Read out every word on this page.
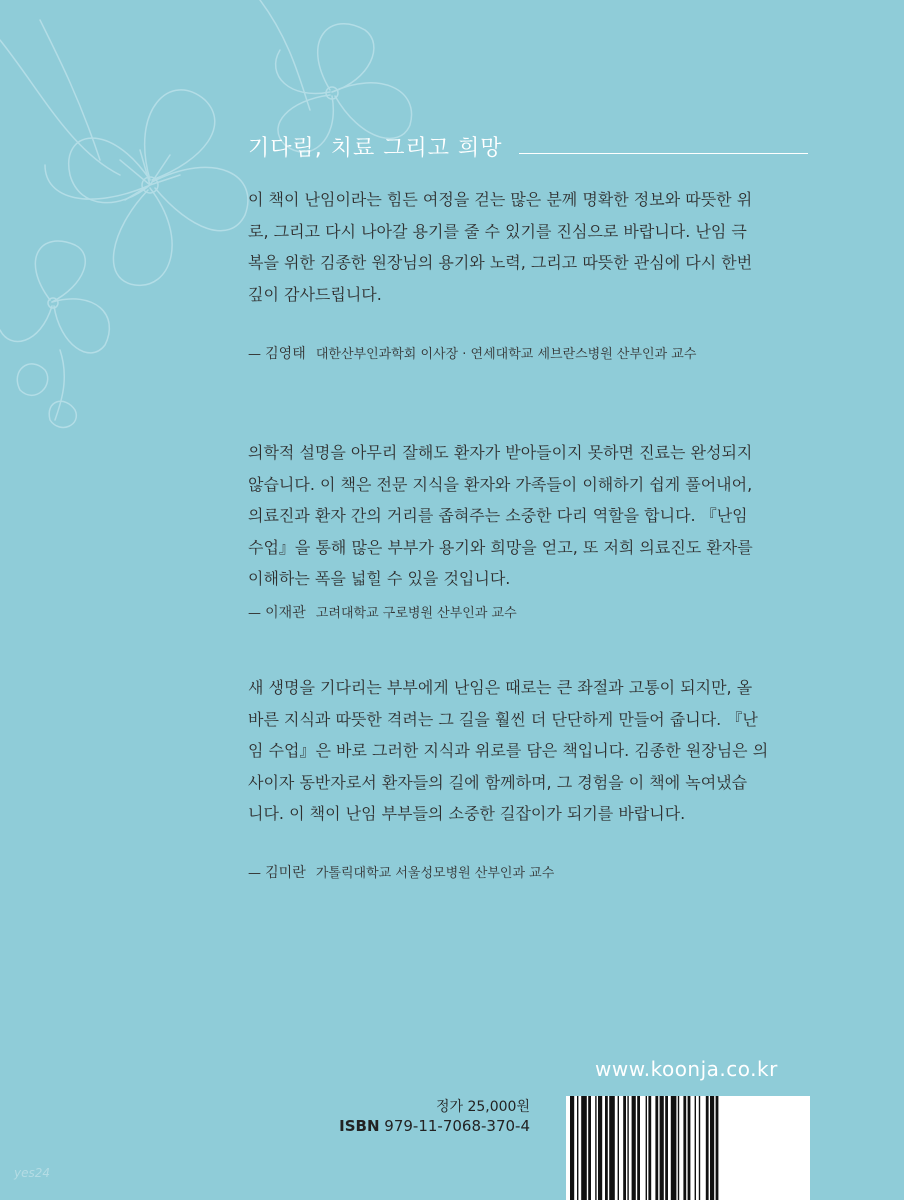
기다림, 치료 그리고 희망

이 책이 난임이라는 힘든 여정을 걷는 많은 분께 명확한 정보와 따뜻한 위
로, 그리고 다시 나아갈 용기를 줄 수 있기를 진심으로 바랍니다. 난임 극
복을 위한 김종한 원장님의 용기와 노력, 그리고 따뜻한 관심에 다시 한번
깊이 감사드립니다.

— 김영태 대한산부인과학회 이사장 · 연세대학교 세브란스병원 산부인과 교수

의학적 설명을 아무리 잘해도 환자가 받아들이지 못하면 진료는 완성되지
않습니다. 이 책은 전문 지식을 환자와 가족들이 이해하기 쉽게 풀어내어,
의료진과 환자 간의 거리를 좁혀주는 소중한 다리 역할을 합니다. 『난임
수업』을 통해 많은 부부가 용기와 희망을 얻고, 또 저희 의료진도 환자를
이해하는 폭을 넓힐 수 있을 것입니다.

— 이재관 고려대학교 구로병원 산부인과 교수

새 생명을 기다리는 부부에게 난임은 때로는 큰 좌절과 고통이 되지만, 올
바른 지식과 따뜻한 격려는 그 길을 훨씬 더 단단하게 만들어 줍니다. 『난
임 수업』은 바로 그러한 지식과 위로를 담은 책입니다. 김종한 원장님은 의
사이자 동반자로서 환자들의 길에 함께하며, 그 경험을 이 책에 녹여냈습
니다. 이 책이 난임 부부들의 소중한 길잡이가 되기를 바랍니다.

— 김미란 가톨릭대학교 서울성모병원 산부인과 교수
www.koonja.co.kr
정가 25,000원
ISBN 979-11-7068-370-4
yes24
